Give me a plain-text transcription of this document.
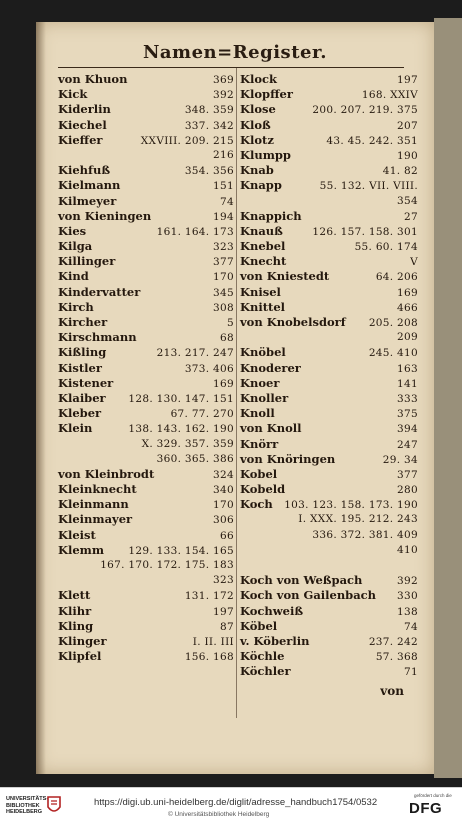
Namen=Register.
von Khuon	369
Kick	392
Kiderlin	348. 359
Kiechel	337. 342
Kieffer	XXVIII. 209. 215
216
Kiehfuß	354. 356
Kielmann	151
Kilmeyer	74
von Kieningen	194
Kies	161. 164. 173
Kilga	323
Killinger	377
Kind	170
Kindervatter	345
Kirch	308
Kircher	5
Kirschmann	68
Kißling	213. 217. 247
Kistler	373. 406
Kistener	169
Klaiber 128. 130. 147. 151
Kleber	67. 77. 270
Klein	138. 143. 162. 190
X. 329. 357. 359
360. 365. 386
von Kleinbrodt	324
Kleinknecht	340
Kleinmann	170
Kleinmayer	306
Kleist	66
Klemm 129. 133. 154. 165
167. 170. 172. 175. 183
323
Klett	131. 172
Klihr	197
Kling	87
Klinger	I. II. III
Klipfel	156. 168
Klock	197
Klopffer	168. XXIV
Klose	200. 207. 219. 375
Kloß	207
Klotz	43. 45. 242. 351
Klumpp	190
Knab	41. 82
Knapp	55. 132. VII. VIII.
354
Knappich	27
Knauß	126. 157. 158. 301
Knebel	55. 60. 174
Knecht	V
von Kniestedt	64. 206
Knisel	169
Knittel	466
von Knobelsdorf 205. 208
209
Knöbel	245. 410
Knoderer	163
Knoer	141
Knoller	333
Knoll	375
von Knoll	394
Knörr	247
von Knöringen	29. 34
Kobel	377
Kobeld	280
Koch 103. 123. 158. 173. 190
I. XXX. 195. 212. 243
336. 372. 381. 409
410
Koch von Weßpach	392
Koch von Gailenbach 330
Kochweiß	138
Köbel	74
v. Köberlin	237. 242
Köchle	57. 368
Köchler	71
von
UNIVERSITÄTS-
BIBLIOTHEK
HEIDELBERG
https://digi.ub.uni-heidelberg.de/diglit/adresse_handbuch1754/0532
© Universitätsbibliothek Heidelberg
gefördert durch die
DFG
